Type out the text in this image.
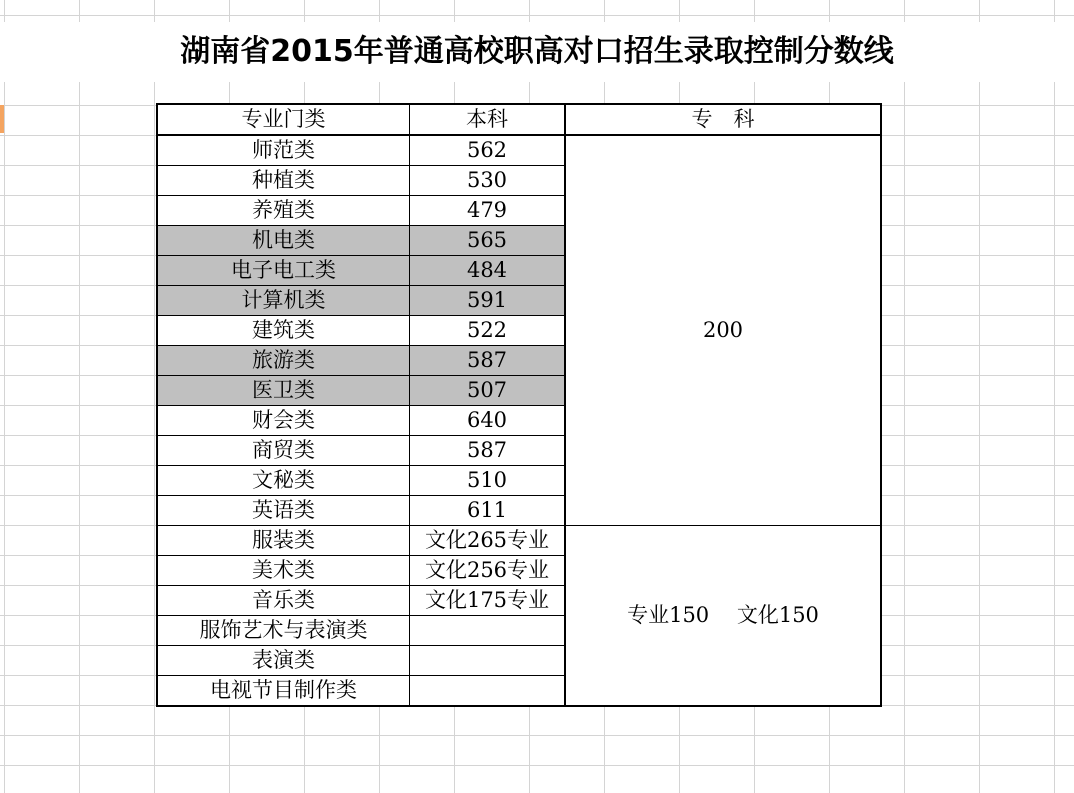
湖南省2015年普通高校职高对口招生录取控制分数线
专业门类	本科	专　科
师范类	562	200
种植类	530	
养殖类	479	
机电类	565	
电子电工类	484	
计算机类	591	
建筑类	522	
旅游类	587	
医卫类	507	
财会类	640	
商贸类	587	
文秘类	510	
英语类	611	
服装类	文化265专业	专业150　 文化150
美术类	文化256专业	
音乐类	文化175专业	
服饰艺术与表演类		
表演类		
电视节目制作类		
